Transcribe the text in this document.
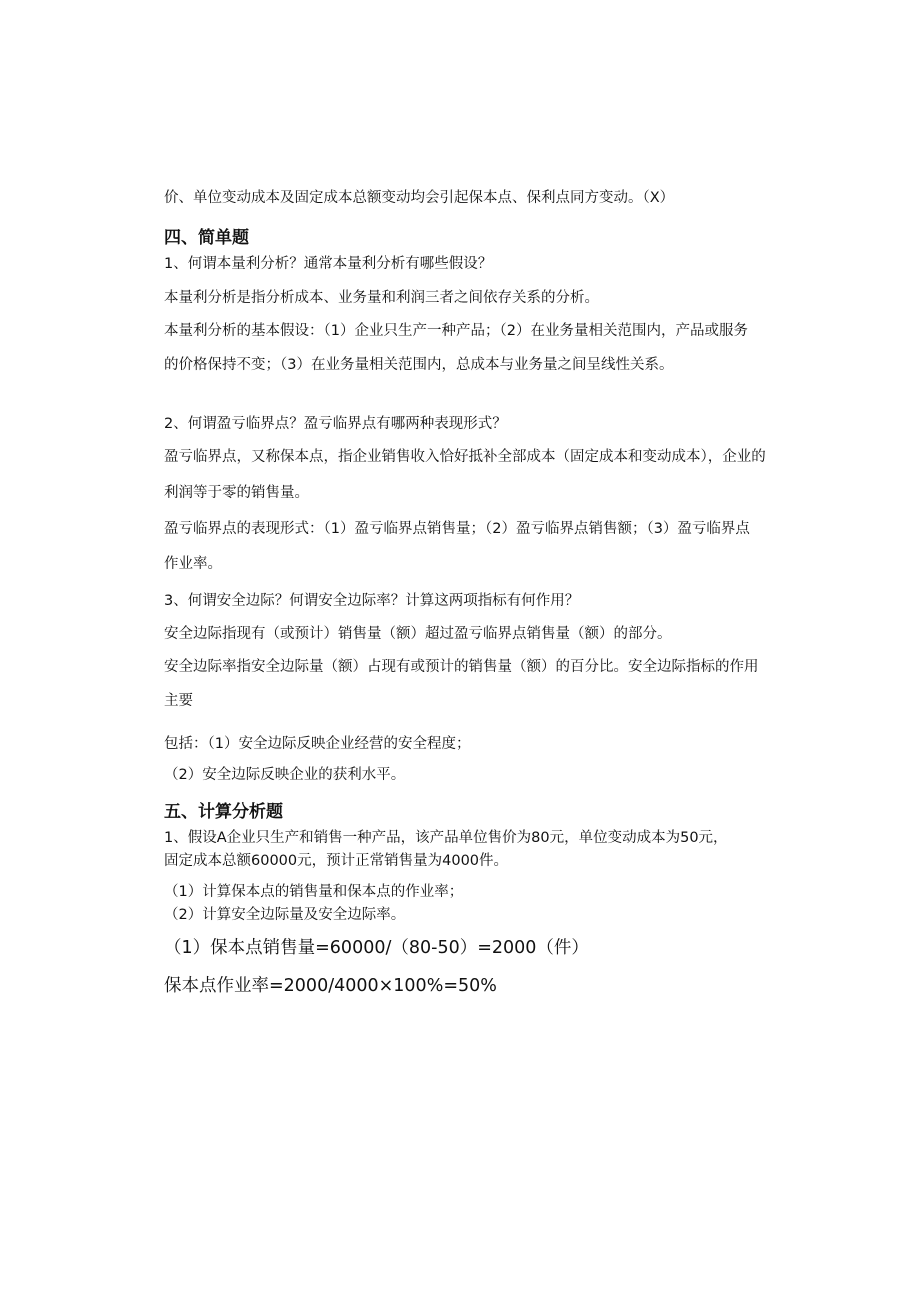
价、单位变动成本及固定成本总额变动均会引起保本点、保利点同方变动。（X）
四、简单题
1、何谓本量利分析？通常本量利分析有哪些假设？
本量利分析是指分析成本、业务量和利润三者之间依存关系的分析。
本量利分析的基本假设：（1）企业只生产一种产品；（2）在业务量相关范围内，产品或服务
的价格保持不变；（3）在业务量相关范围内，总成本与业务量之间呈线性关系。
2、何谓盈亏临界点？盈亏临界点有哪两种表现形式？
盈亏临界点，又称保本点，指企业销售收入恰好抵补全部成本（固定成本和变动成本），企业的
利润等于零的销售量。
盈亏临界点的表现形式：（1）盈亏临界点销售量；（2）盈亏临界点销售额；（3）盈亏临界点
作业率。
3、何谓安全边际？何谓安全边际率？计算这两项指标有何作用？
安全边际指现有（或预计）销售量（额）超过盈亏临界点销售量（额）的部分。
安全边际率指安全边际量（额）占现有或预计的销售量（额）的百分比。安全边际指标的作用
主要
包括：（1）安全边际反映企业经营的安全程度；
（2）安全边际反映企业的获利水平。
五、计算分析题
1、假设A企业只生产和销售一种产品，该产品单位售价为80元，单位变动成本为50元，
固定成本总额60000元，预计正常销售量为4000件。
（1）计算保本点的销售量和保本点的作业率；
（2）计算安全边际量及安全边际率。
（1）保本点销售量=60000/（80-50）=2000（件）
保本点作业率=2000/4000×100%=50%
